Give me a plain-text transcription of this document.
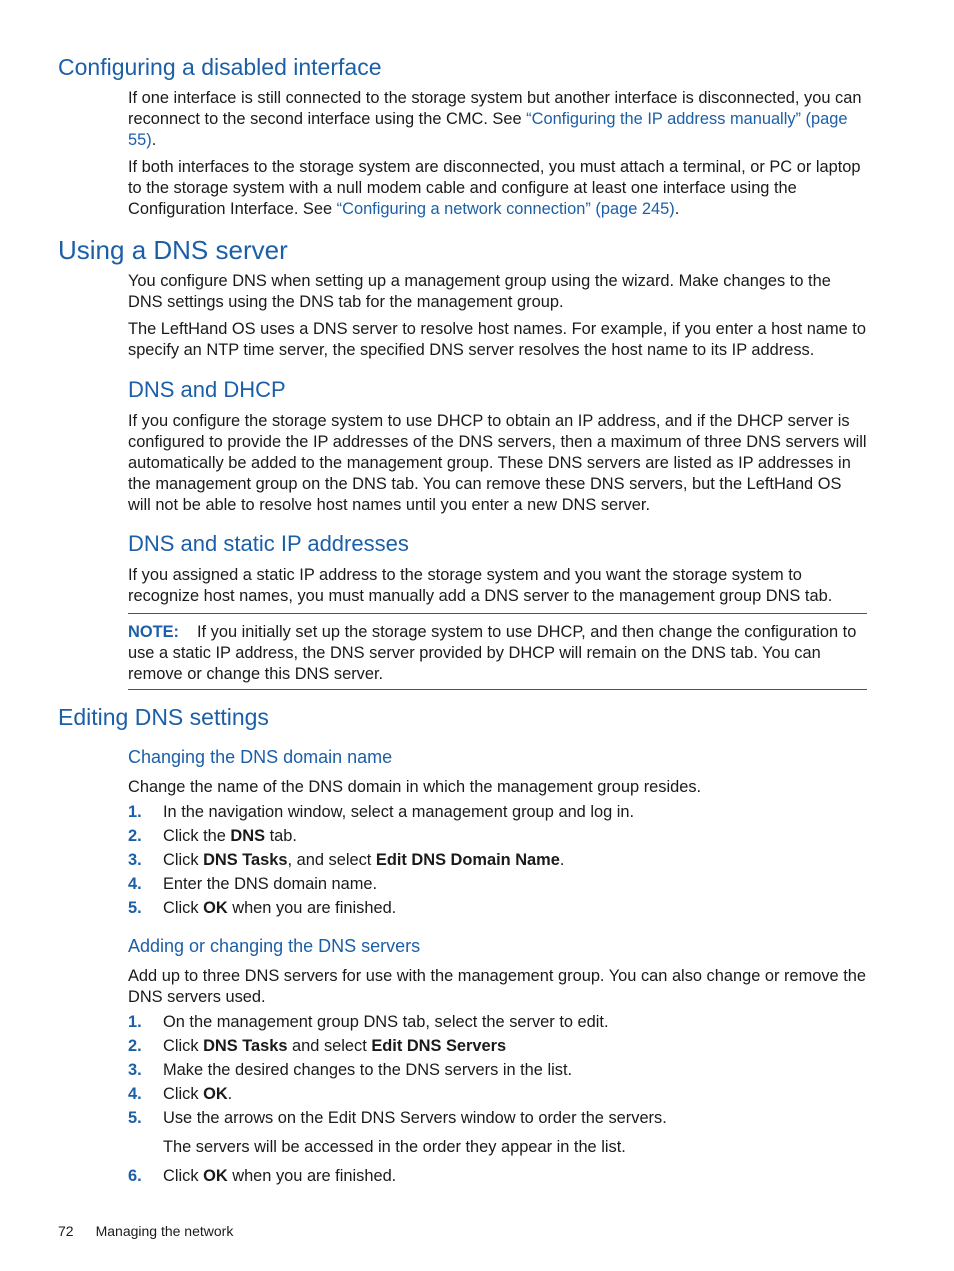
Configuring a disabled interface

If one interface is still connected to the storage system but another interface is disconnected, you can reconnect to the second interface using the CMC. See “Configuring the IP address manually” (page 55).

If both interfaces to the storage system are disconnected, you must attach a terminal, or PC or laptop to the storage system with a null modem cable and configure at least one interface using the Configuration Interface. See “Configuring a network connection” (page 245).

Using a DNS server

You configure DNS when setting up a management group using the wizard. Make changes to the DNS settings using the DNS tab for the management group.

The LeftHand OS uses a DNS server to resolve host names. For example, if you enter a host name to specify an NTP time server, the specified DNS server resolves the host name to its IP address.

DNS and DHCP

If you configure the storage system to use DHCP to obtain an IP address, and if the DHCP server is configured to provide the IP addresses of the DNS servers, then a maximum of three DNS servers will automatically be added to the management group. These DNS servers are listed as IP addresses in the management group on the DNS tab. You can remove these DNS servers, but the LeftHand OS will not be able to resolve host names until you enter a new DNS server.

DNS and static IP addresses

If you assigned a static IP address to the storage system and you want the storage system to recognize host names, you must manually add a DNS server to the management group DNS tab.

NOTE: If you initially set up the storage system to use DHCP, and then change the configuration to use a static IP address, the DNS server provided by DHCP will remain on the DNS tab. You can remove or change this DNS server.

Editing DNS settings
Changing the DNS domain name

Change the name of the DNS domain in which the management group resides.

1. In the navigation window, select a management group and log in.
2. Click the DNS tab.
3. Click DNS Tasks, and select Edit DNS Domain Name.
4. Enter the DNS domain name.
5. Click OK when you are finished.
Adding or changing the DNS servers

Add up to three DNS servers for use with the management group. You can also change or remove the DNS servers used.

1. On the management group DNS tab, select the server to edit.
2. Click DNS Tasks and select Edit DNS Servers
3. Make the desired changes to the DNS servers in the list.
4. Click OK.
5. Use the arrows on the Edit DNS Servers window to order the servers.
The servers will be accessed in the order they appear in the list.
6. Click OK when you are finished.
72 Managing the network
